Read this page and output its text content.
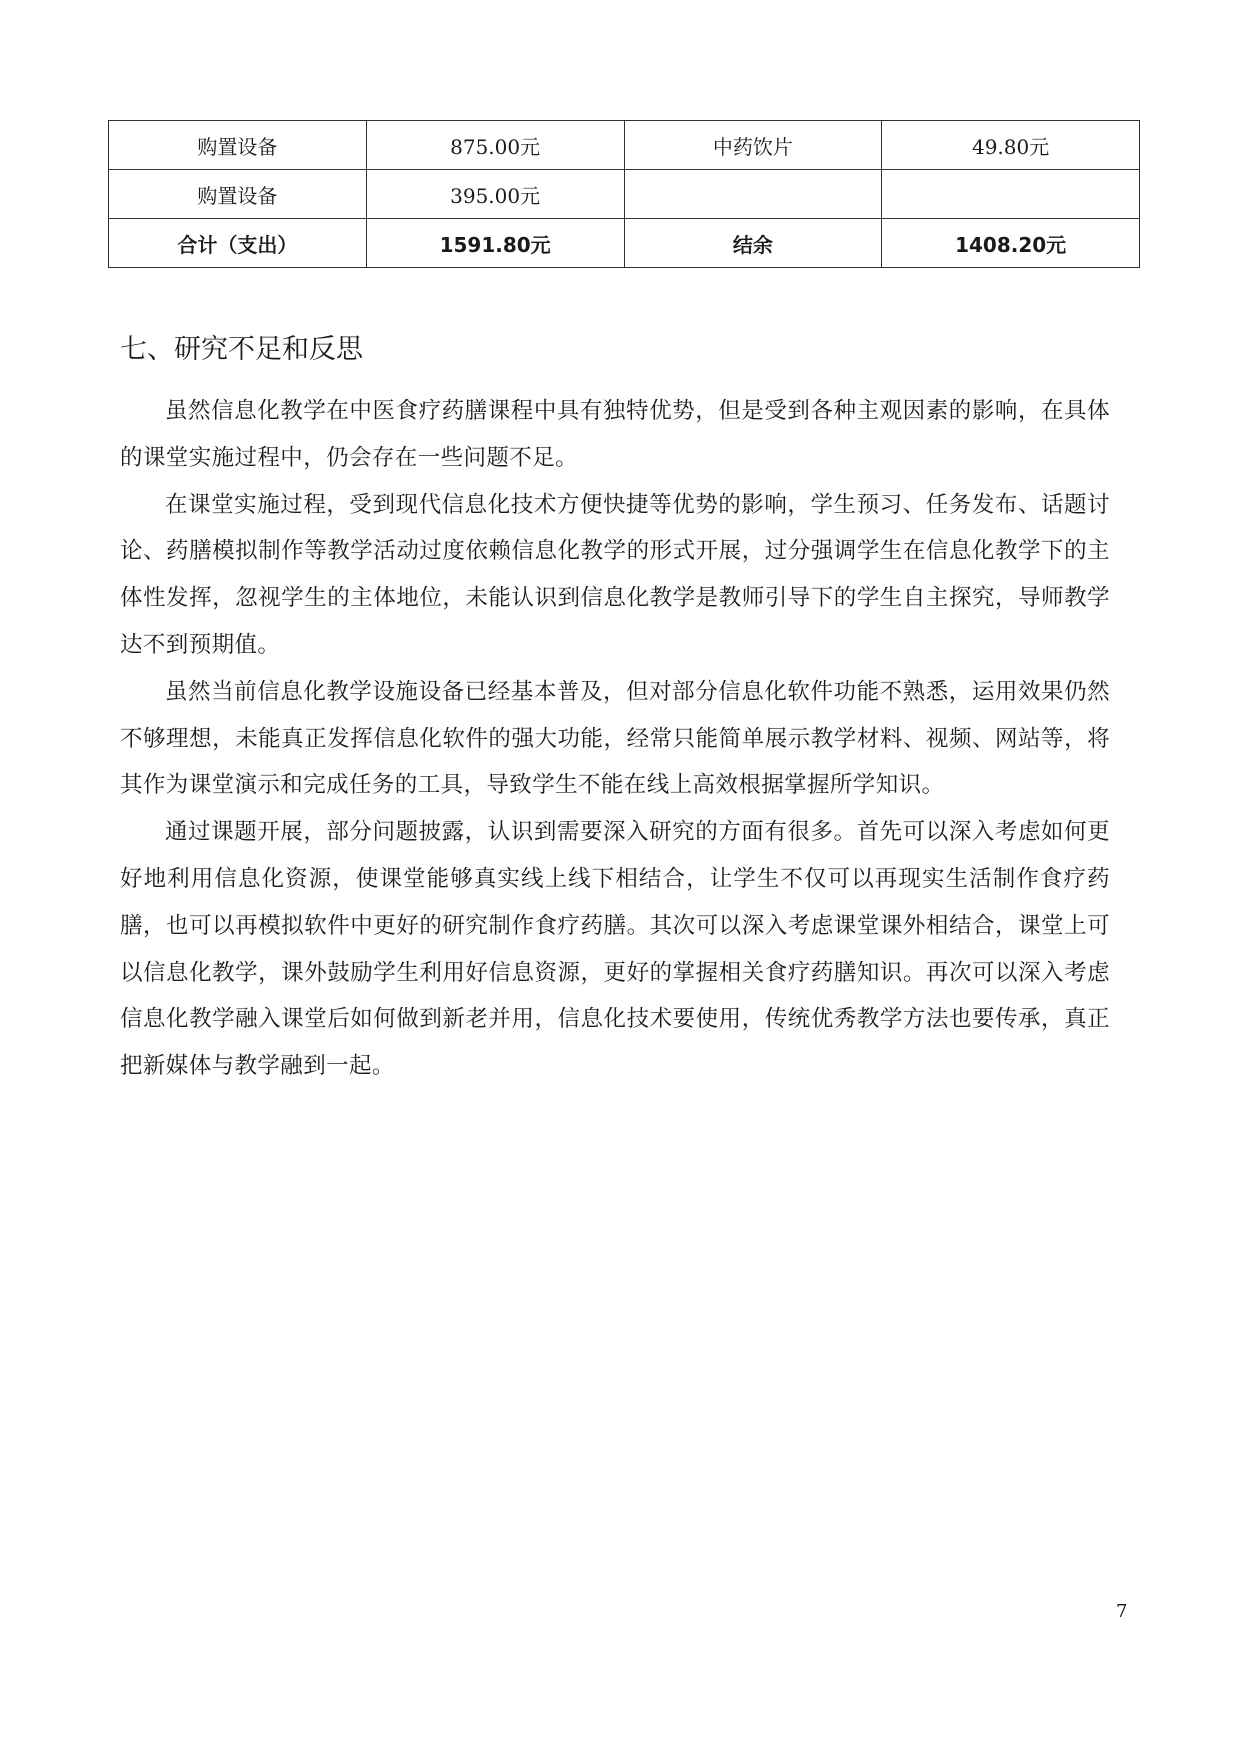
购置设备	875.00元	中药饮片	49.80元
购置设备	395.00元		
合计（支出）	1591.80元	结余	1408.20元
七、研究不足和反思

虽然信息化教学在中医食疗药膳课程中具有独特优势，但是受到各种主观因素的影响，在具体的课堂实施过程中，仍会存在一些问题不足。

在课堂实施过程，受到现代信息化技术方便快捷等优势的影响，学生预习、任务发布、话题讨论、药膳模拟制作等教学活动过度依赖信息化教学的形式开展，过分强调学生在信息化教学下的主体性发挥，忽视学生的主体地位，未能认识到信息化教学是教师引导下的学生自主探究，导师教学达不到预期值。

虽然当前信息化教学设施设备已经基本普及，但对部分信息化软件功能不熟悉，运用效果仍然不够理想，未能真正发挥信息化软件的强大功能，经常只能简单展示教学材料、视频、网站等，将其作为课堂演示和完成任务的工具，导致学生不能在线上高效根据掌握所学知识。

通过课题开展，部分问题披露，认识到需要深入研究的方面有很多。首先可以深入考虑如何更好地利用信息化资源，使课堂能够真实线上线下相结合，让学生不仅可以再现实生活制作食疗药膳，也可以再模拟软件中更好的研究制作食疗药膳。其次可以深入考虑课堂课外相结合，课堂上可以信息化教学，课外鼓励学生利用好信息资源，更好的掌握相关食疗药膳知识。再次可以深入考虑信息化教学融入课堂后如何做到新老并用，信息化技术要使用，传统优秀教学方法也要传承，真正把新媒体与教学融到一起。

7
